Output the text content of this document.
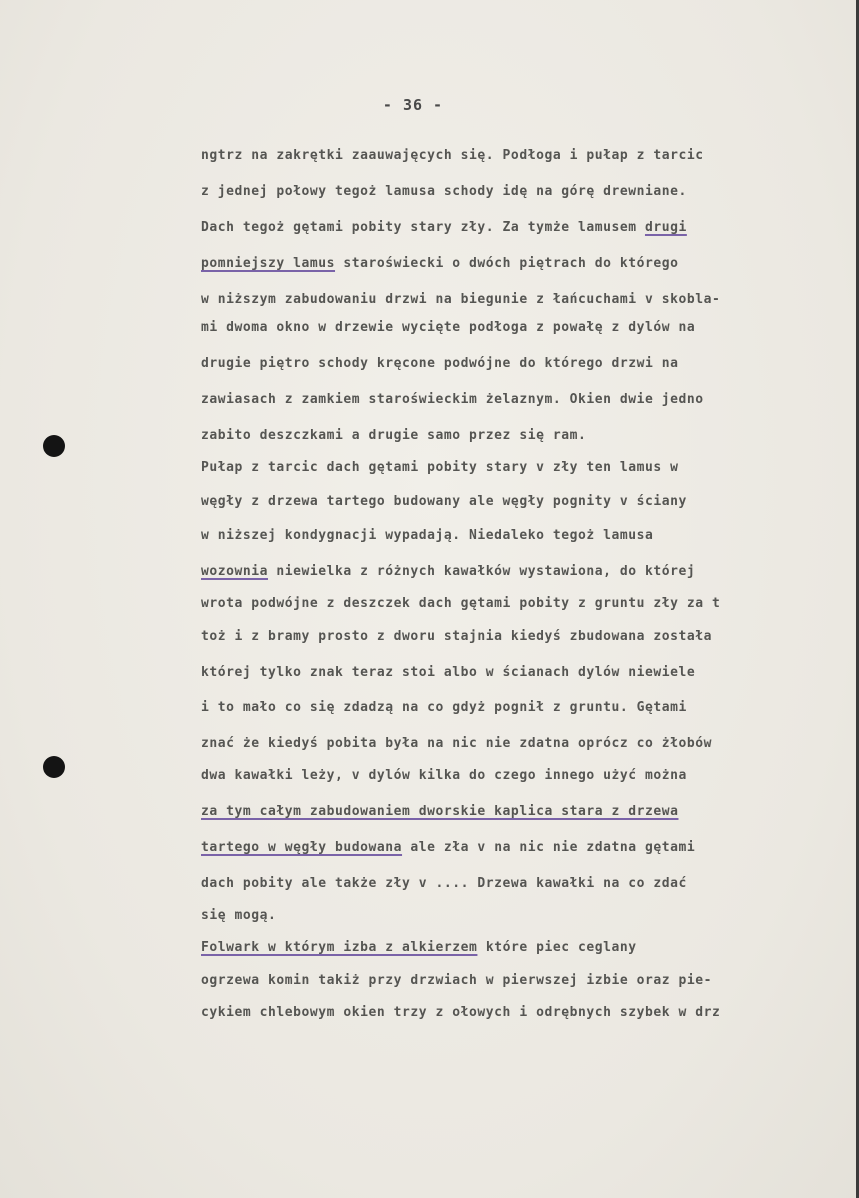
- 36 -
ngtrz na zakrętki zaauwajęcych się. Podłoga i pułap z tarcic
z jednej połowy tegoż lamusa schody idę na górę drewniane.
Dach tegoż gętami pobity stary zły. Za tymże lamusem drugi
pomniejszy lamus staroświecki o dwóch piętrach do którego
w niższym zabudowaniu drzwi na biegunie z łańcuchami v skobla-
mi dwoma okno w drzewie wycięte podłoga z powałę z dylów na
drugie piętro schody kręcone podwójne do którego drzwi na
zawiasach z zamkiem staroświeckim żelaznym. Okien dwie jedno
zabito deszczkami a drugie samo przez się ram.
Pułap z tarcic dach gętami pobity stary v zły ten lamus w
węgły z drzewa tartego budowany ale węgły pognity v ściany
w niższej kondygnacji wypadają. Niedaleko tegoż lamusa
wozownia niewielka z różnych kawałków wystawiona, do której
wrota podwójne z deszczek dach gętami pobity z gruntu zły za t
toż i z bramy prosto z dworu stajnia kiedyś zbudowana została
której tylko znak teraz stoi albo w ścianach dylów niewiele
i to mało co się zdadzą na co gdyż pognił z gruntu. Gętami
znać że kiedyś pobita była na nic nie zdatna oprócz co żłobów
dwa kawałki leży, v dylów kilka do czego innego użyć można
za tym całym zabudowaniem dworskie kaplica stara z drzewa
tartego w węgły budowana ale zła v na nic nie zdatna gętami
dach pobity ale także zły v .... Drzewa kawałki na co zdać
się mogą.
Folwark w którym izba z alkierzem które piec ceglany
ogrzewa komin takiż przy drzwiach w pierwszej izbie oraz pie-
cykiem chlebowym okien trzy z ołowych i odrębnych szybek w drz
